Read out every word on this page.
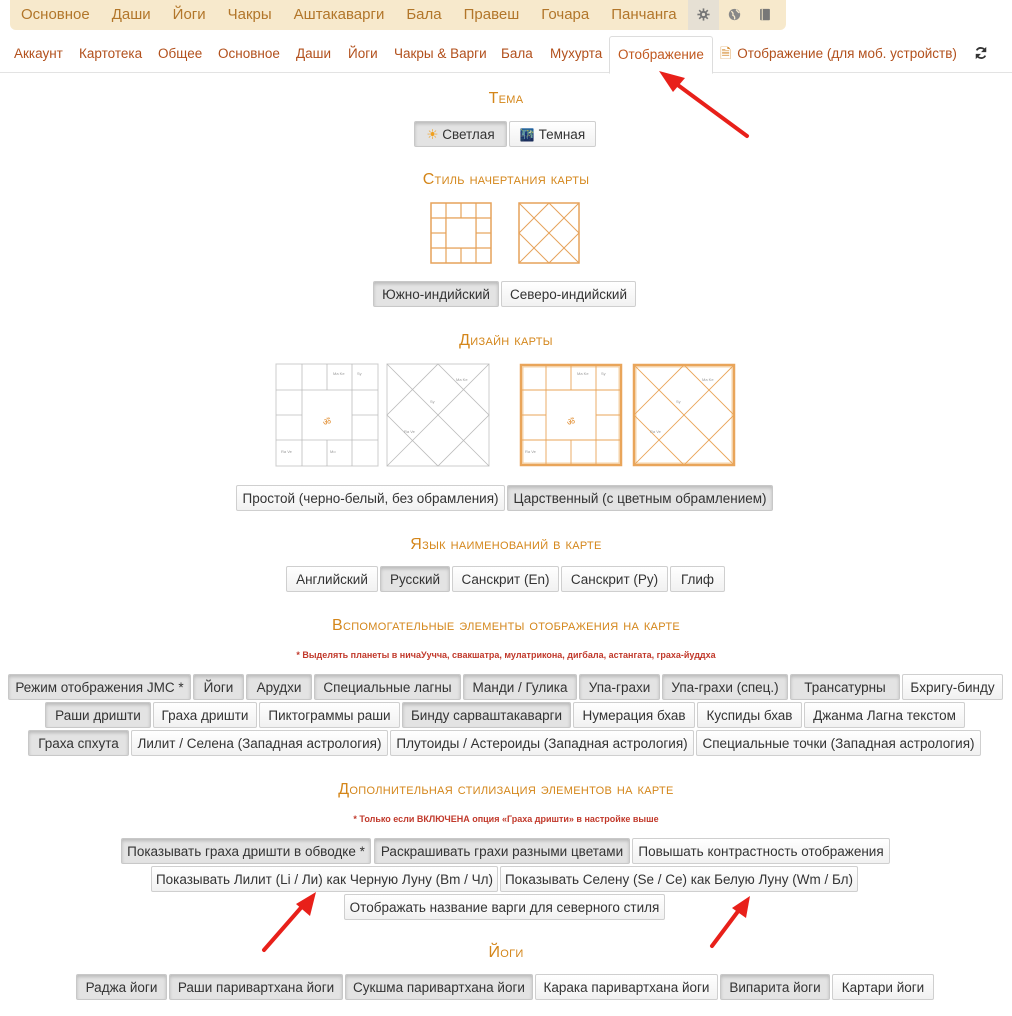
Основное	Даши	Йоги	Чакры	Аштакаварги	Бала	Правеш	Гочара	Панчанга
Аккаунт Картотека Общее Основное Даши Йоги Чакры & Варги Бала Мухурта	Отображение	🗎 Отображение (для моб. устройств)
Тема
☀ Светлая	🌃 Темная
Стиль начертания карты
Южно-индийский	Северо-индийский
Дизайн карты
ॐ
Ma Ke	Sy
Ra Ve	Mo
Ma Ke
Sy
Ra Ve
ॐ
Ma Ke	Sy
Ra Ve
Ma Ke
Sy
Ra Ve
Простой (черно-белый, без обрамления)	Царственный (с цветным обрамлением)
Язык наименований в карте
Английский	Русский	Санскрит (En)	Санскрит (Ру)	Глиф
Вспомогательные элементы отображения на карте
* Выделять планеты в ничаУучча, свакшатра, мулатрикона, дигбала, астангата, граха-йуддха
Режим отображения JMC *	Йоги	Арудхи	Специальные лагны	Манди / Гулика	Упа-грахи	Упа-грахи (спец.)	Трансатурны	Бхригу-бинду
Раши дришти	Граха дришти	Пиктограммы раши	Бинду сарваштакаварги	Нумерация бхав	Куспиды бхав	Джанма Лагна текстом
Граха спхута	Лилит / Селена (Западная астрология)	Плутоиды / Астероиды (Западная астрология)	Специальные точки (Западная астрология)
Дополнительная стилизация элементов на карте
* Только если ВКЛЮЧЕНА опция «Граха дришти» в настройке выше
Показывать граха дришти в обводке *	Раскрашивать грахи разными цветами	Повышать контрастность отображения
Показывать Лилит (Li / Ли) как Черную Луну (Bm / Чл) Показывать Селену (Se / Се) как Белую Луну (Wm / Бл)
Отображать название варги для северного стиля
Йоги
Раджа йоги	Раши паривартхана йоги	Сукшма паривартхана йоги	Карака паривартхана йоги	Випарита йоги	Картари йоги
